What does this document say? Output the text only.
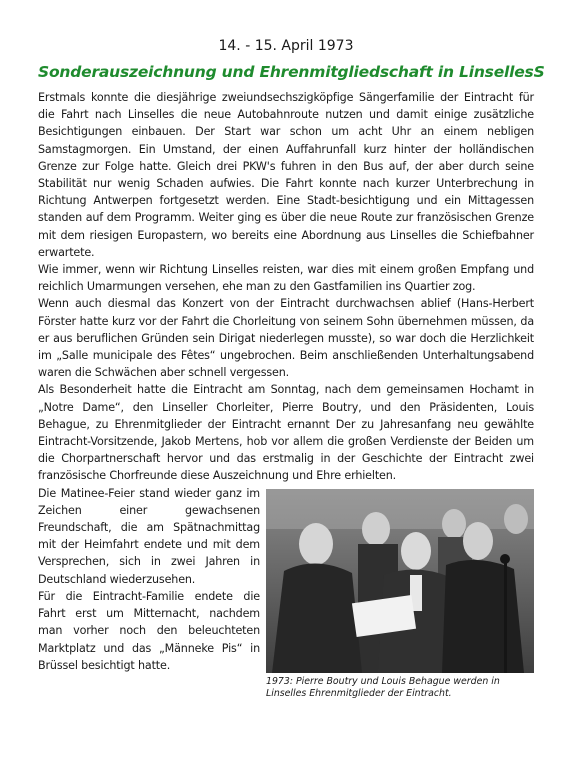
14. - 15. April 1973
Sonderauszeichnung und Ehrenmitgliedschaft in LinsellesS

Erstmals konnte die diesjährige zweiundsechszigköpfige Sängerfamilie der Eintracht für die Fahrt nach Linselles die neue Autobahnroute nutzen und damit einige zusätzliche Besichtigungen einbauen. Der Start war schon um acht Uhr an einem nebligen Samstagmorgen. Ein Umstand, der einen Auffahrunfall kurz hinter der holländischen Grenze zur Folge hatte. Gleich drei PKW's fuhren in den Bus auf, der aber durch seine Stabilität nur wenig Schaden aufwies. Die Fahrt konnte nach kurzer Unterbrechung in Richtung Antwerpen fortgesetzt werden. Eine Stadt-besichtigung und ein Mittagessen standen auf dem Programm. Weiter ging es über die neue Route zur französischen Grenze mit dem riesigen Europastern, wo bereits eine Abordnung aus Linselles die Schiefbahner erwartete.

Wie immer, wenn wir Richtung Linselles reisten, war dies mit einem großen Empfang und reichlich Umarmungen versehen, ehe man zu den Gastfamilien ins Quartier zog.

Wenn auch diesmal das Konzert von der Eintracht durchwachsen ablief (Hans-Herbert Förster hatte kurz vor der Fahrt die Chorleitung von seinem Sohn übernehmen müssen, da er aus beruflichen Gründen sein Dirigat niederlegen musste), so war doch die Herzlichkeit im „Salle municipale des Fêtes“ ungebrochen. Beim anschließenden Unterhaltungsabend waren die Schwächen aber schnell vergessen.

Als Besonderheit hatte die Eintracht am Sonntag, nach dem gemeinsamen Hochamt in „Notre Dame“, den Linseller Chorleiter, Pierre Boutry, und den Präsidenten, Louis Behague, zu Ehrenmitglieder der Eintracht ernannt Der zu Jahresanfang neu gewählte Eintracht-Vorsitzende, Jakob Mertens, hob vor allem die großen Verdienste der Beiden um die Chorpartnerschaft hervor und das erstmalig in der Geschichte der Eintracht zwei französische Chorfreunde diese Auszeichnung und Ehre erhielten.

Die Matinee-Feier stand wieder ganz im Zeichen einer gewachsenen Freundschaft, die am Spätnachmittag mit der Heimfahrt endete und mit dem Versprechen, sich in zwei Jahren in Deutschland wiederzusehen.

Für die Eintracht-Familie endete die Fahrt erst um Mitternacht, nachdem man vorher noch den beleuchteten Marktplatz und das „Männeke Pis“ in Brüssel besichtigt hatte.

1973: Pierre Boutry und Louis Behague werden in Linselles Ehrenmitglieder der Eintracht.
